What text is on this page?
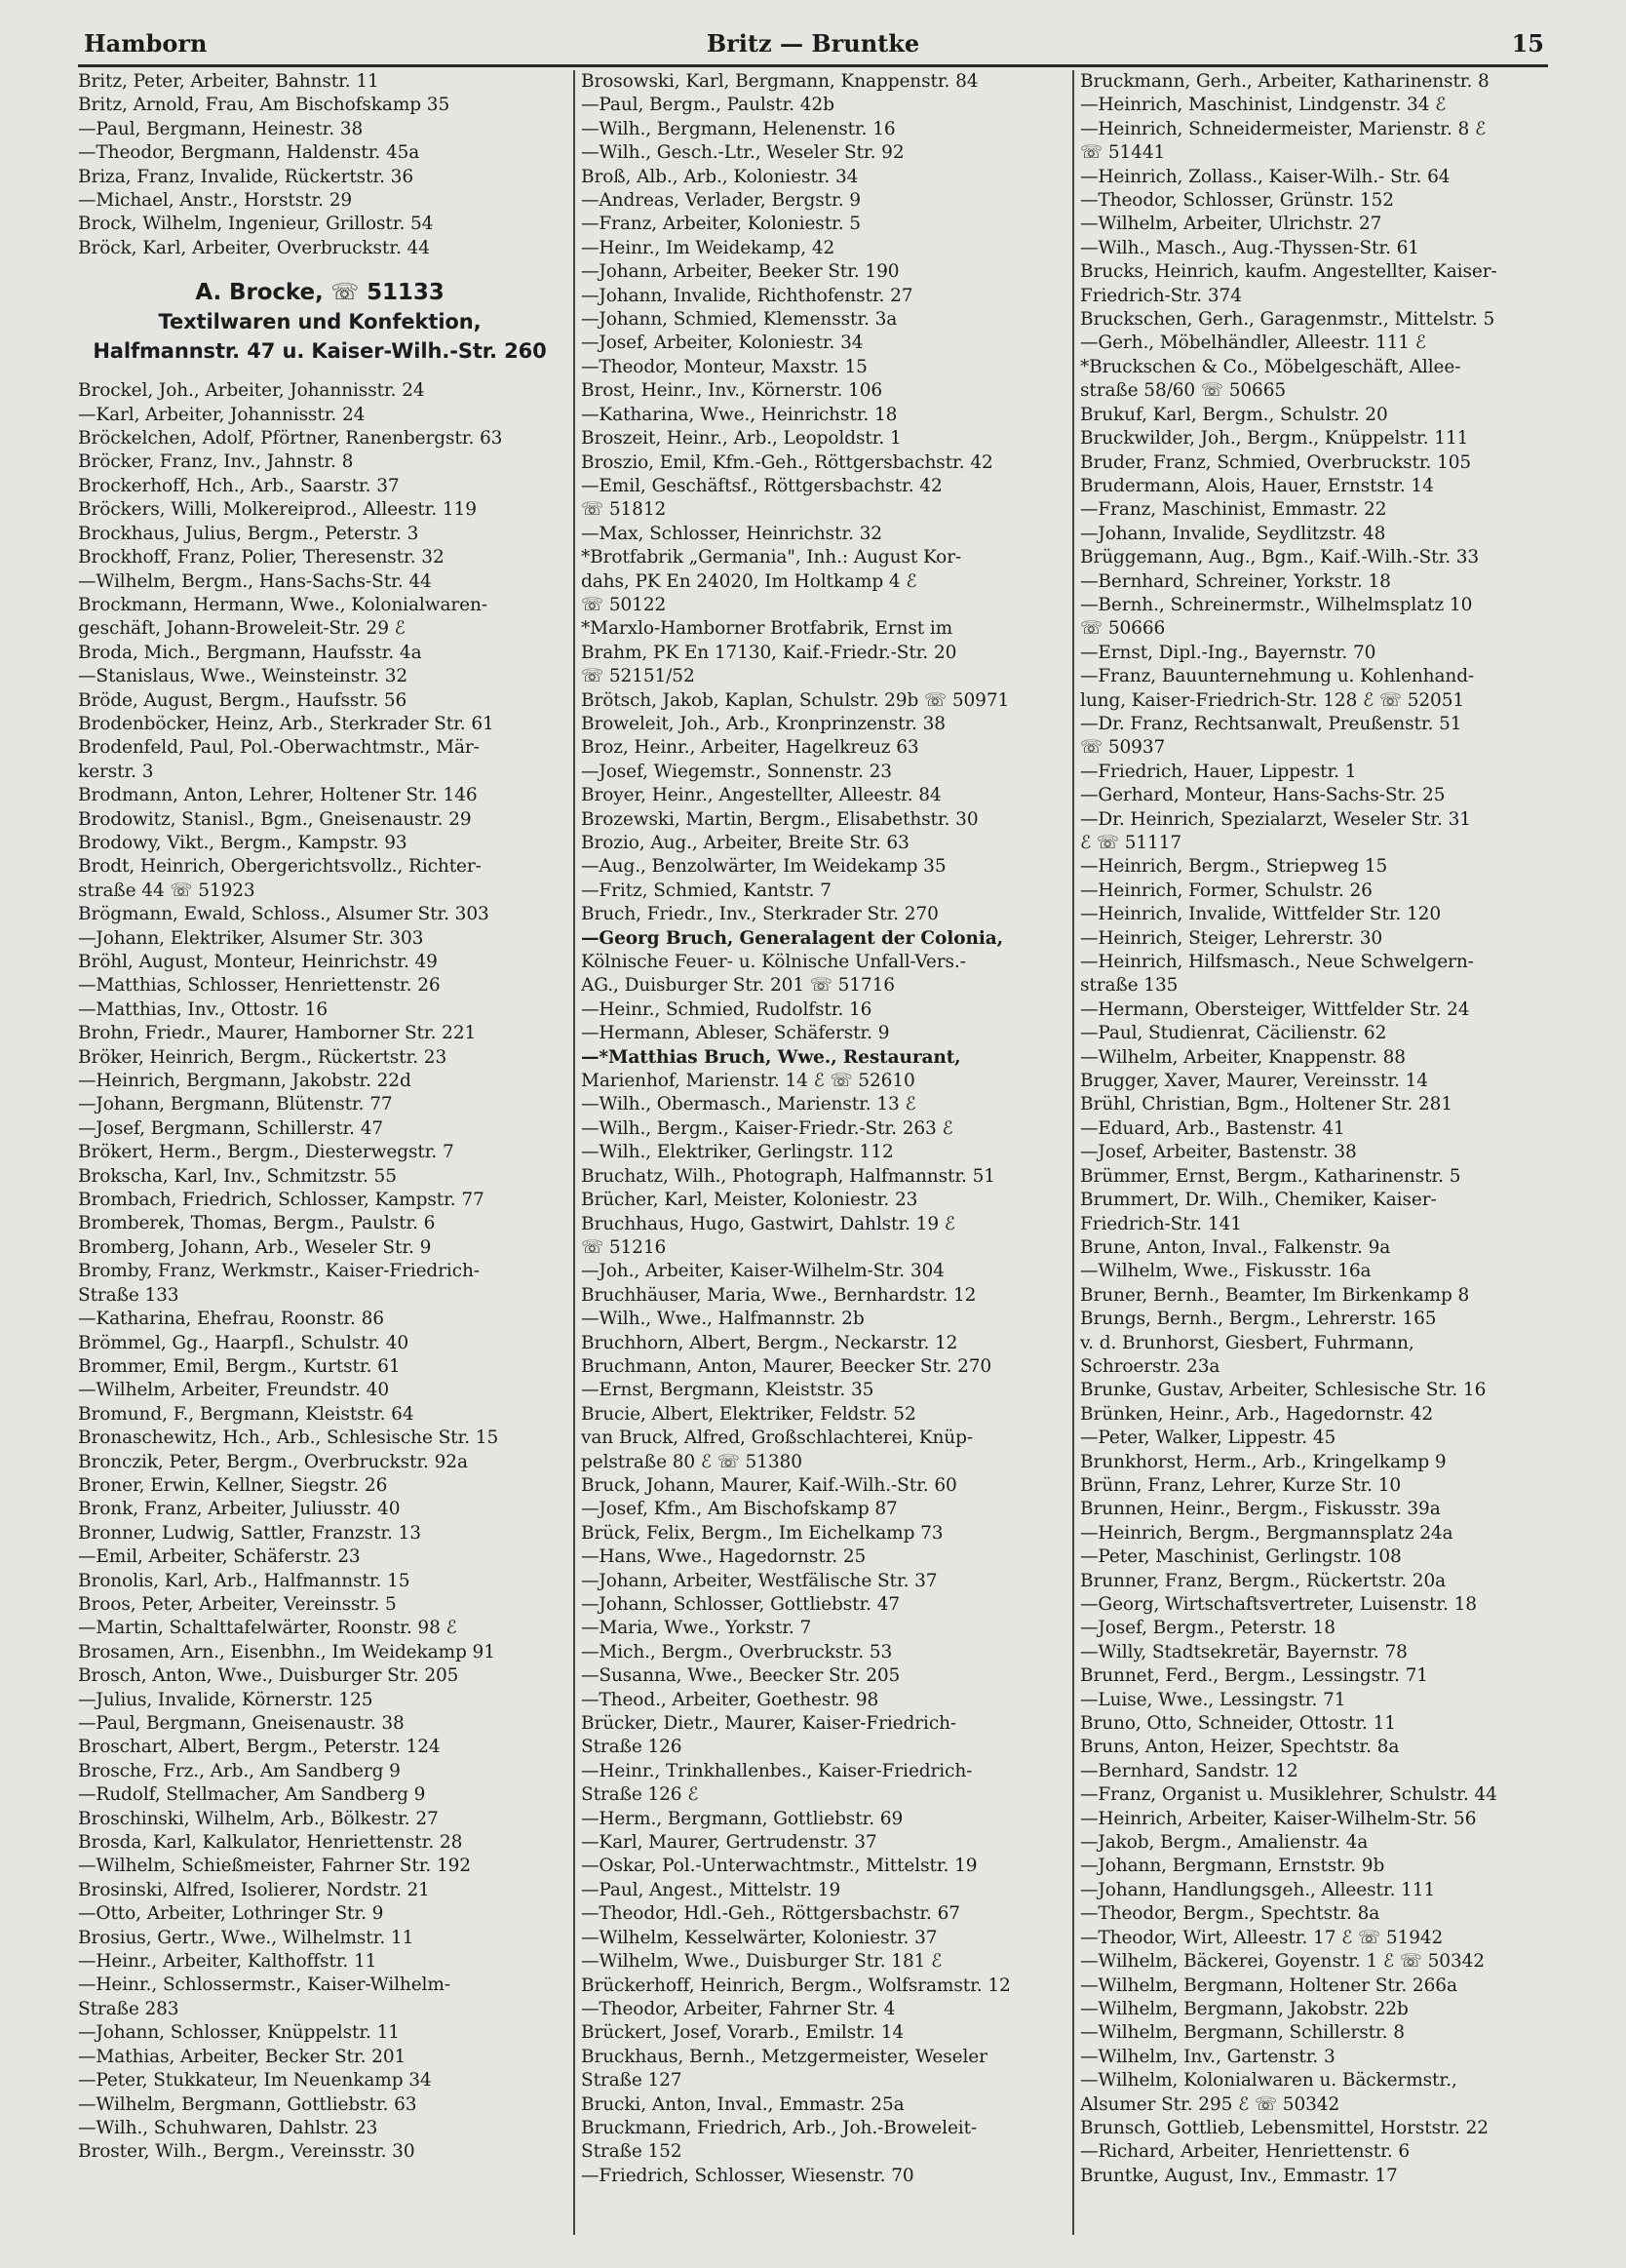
Hamborn	Britz — Bruntke	15
Britz, Peter, Arbeiter, Bahnstr. 11
Britz, Arnold, Frau, Am Bischofskamp 35
—Paul, Bergmann, Heinestr. 38
—Theodor, Bergmann, Haldenstr. 45a
Briza, Franz, Invalide, Rückertstr. 36
—Michael, Anstr., Horststr. 29
Brock, Wilhelm, Ingenieur, Grillostr. 54
Bröck, Karl, Arbeiter, Overbruckstr. 44
A. Brocke, ☏ 51133
Textilwaren und Konfektion,
Halfmannstr. 47 u. Kaiser-Wilh.-Str. 260
Brockel, Joh., Arbeiter, Johannisstr. 24
—Karl, Arbeiter, Johannisstr. 24
Bröckelchen, Adolf, Pförtner, Ranenbergstr. 63
Bröcker, Franz, Inv., Jahnstr. 8
Brockerhoff, Hch., Arb., Saarstr. 37
Bröckers, Willi, Molkereiprod., Alleestr. 119
Brockhaus, Julius, Bergm., Peterstr. 3
Brockhoff, Franz, Polier, Theresenstr. 32
—Wilhelm, Bergm., Hans-Sachs-Str. 44
Brockmann, Hermann, Wwe., Kolonialwaren-
geschäft, Johann-Broweleit-Str. 29 ℰ
Broda, Mich., Bergmann, Haufsstr. 4a
—Stanislaus, Wwe., Weinsteinstr. 32
Bröde, August, Bergm., Haufsstr. 56
Brodenböcker, Heinz, Arb., Sterkrader Str. 61
Brodenfeld, Paul, Pol.-Oberwachtmstr., Mär-
kerstr. 3
Brodmann, Anton, Lehrer, Holtener Str. 146
Brodowitz, Stanisl., Bgm., Gneisenaustr. 29
Brodowy, Vikt., Bergm., Kampstr. 93
Brodt, Heinrich, Obergerichtsvollz., Richter-
straße 44 ☏ 51923
Brögmann, Ewald, Schloss., Alsumer Str. 303
—Johann, Elektriker, Alsumer Str. 303
Bröhl, August, Monteur, Heinrichstr. 49
—Matthias, Schlosser, Henriettenstr. 26
—Matthias, Inv., Ottostr. 16
Brohn, Friedr., Maurer, Hamborner Str. 221
Bröker, Heinrich, Bergm., Rückertstr. 23
—Heinrich, Bergmann, Jakobstr. 22d
—Johann, Bergmann, Blütenstr. 77
—Josef, Bergmann, Schillerstr. 47
Brökert, Herm., Bergm., Diesterwegstr. 7
Brokscha, Karl, Inv., Schmitzstr. 55
Brombach, Friedrich, Schlosser, Kampstr. 77
Bromberek, Thomas, Bergm., Paulstr. 6
Bromberg, Johann, Arb., Weseler Str. 9
Bromby, Franz, Werkmstr., Kaiser-Friedrich-
Straße 133
—Katharina, Ehefrau, Roonstr. 86
Brömmel, Gg., Haarpfl., Schulstr. 40
Brommer, Emil, Bergm., Kurtstr. 61
—Wilhelm, Arbeiter, Freundstr. 40
Bromund, F., Bergmann, Kleiststr. 64
Bronaschewitz, Hch., Arb., Schlesische Str. 15
Bronczik, Peter, Bergm., Overbruckstr. 92a
Broner, Erwin, Kellner, Siegstr. 26
Bronk, Franz, Arbeiter, Juliusstr. 40
Bronner, Ludwig, Sattler, Franzstr. 13
—Emil, Arbeiter, Schäferstr. 23
Bronolis, Karl, Arb., Halfmannstr. 15
Broos, Peter, Arbeiter, Vereinsstr. 5
—Martin, Schalttafelwärter, Roonstr. 98 ℰ
Brosamen, Arn., Eisenbhn., Im Weidekamp 91
Brosch, Anton, Wwe., Duisburger Str. 205
—Julius, Invalide, Körnerstr. 125
—Paul, Bergmann, Gneisenaustr. 38
Broschart, Albert, Bergm., Peterstr. 124
Brosche, Frz., Arb., Am Sandberg 9
—Rudolf, Stellmacher, Am Sandberg 9
Broschinski, Wilhelm, Arb., Bölkestr. 27
Brosda, Karl, Kalkulator, Henriettenstr. 28
—Wilhelm, Schießmeister, Fahrner Str. 192
Brosinski, Alfred, Isolierer, Nordstr. 21
—Otto, Arbeiter, Lothringer Str. 9
Brosius, Gertr., Wwe., Wilhelmstr. 11
—Heinr., Arbeiter, Kalthoffstr. 11
—Heinr., Schlossermstr., Kaiser-Wilhelm-
Straße 283
—Johann, Schlosser, Knüppelstr. 11
—Mathias, Arbeiter, Becker Str. 201
—Peter, Stukkateur, Im Neuenkamp 34
—Wilhelm, Bergmann, Gottliebstr. 63
—Wilh., Schuhwaren, Dahlstr. 23
Broster, Wilh., Bergm., Vereinsstr. 30
Brosowski, Karl, Bergmann, Knappenstr. 84
—Paul, Bergm., Paulstr. 42b
—Wilh., Bergmann, Helenenstr. 16
—Wilh., Gesch.-Ltr., Weseler Str. 92
Broß, Alb., Arb., Koloniestr. 34
—Andreas, Verlader, Bergstr. 9
—Franz, Arbeiter, Koloniestr. 5
—Heinr., Im Weidekamp, 42
—Johann, Arbeiter, Beeker Str. 190
—Johann, Invalide, Richthofenstr. 27
—Johann, Schmied, Klemensstr. 3a
—Josef, Arbeiter, Koloniestr. 34
—Theodor, Monteur, Maxstr. 15
Brost, Heinr., Inv., Körnerstr. 106
—Katharina, Wwe., Heinrichstr. 18
Broszeit, Heinr., Arb., Leopoldstr. 1
Broszio, Emil, Kfm.-Geh., Röttgersbachstr. 42
—Emil, Geschäftsf., Röttgersbachstr. 42
☏ 51812
—Max, Schlosser, Heinrichstr. 32
*Brotfabrik „Germania", Inh.: August Kor-
dahs, PK En 24020, Im Holtkamp 4 ℰ
☏ 50122
*Marxlo-Hamborner Brotfabrik, Ernst im
Brahm, PK En 17130, Kaif.-Friedr.-Str. 20
☏ 52151/52
Brötsch, Jakob, Kaplan, Schulstr. 29b ☏ 50971
Broweleit, Joh., Arb., Kronprinzenstr. 38
Broz, Heinr., Arbeiter, Hagelkreuz 63
—Josef, Wiegemstr., Sonnenstr. 23
Broyer, Heinr., Angestellter, Alleestr. 84
Brozewski, Martin, Bergm., Elisabethstr. 30
Brozio, Aug., Arbeiter, Breite Str. 63
—Aug., Benzolwärter, Im Weidekamp 35
—Fritz, Schmied, Kantstr. 7
Bruch, Friedr., Inv., Sterkrader Str. 270
—Georg Bruch, Generalagent der Colonia,
Kölnische Feuer- u. Kölnische Unfall-Vers.-
AG., Duisburger Str. 201 ☏ 51716
—Heinr., Schmied, Rudolfstr. 16
—Hermann, Ableser, Schäferstr. 9
—*Matthias Bruch, Wwe., Restaurant,
Marienhof, Marienstr. 14 ℰ ☏ 52610
—Wilh., Obermasch., Marienstr. 13 ℰ
—Wilh., Bergm., Kaiser-Friedr.-Str. 263 ℰ
—Wilh., Elektriker, Gerlingstr. 112
Bruchatz, Wilh., Photograph, Halfmannstr. 51
Brücher, Karl, Meister, Koloniestr. 23
Bruchhaus, Hugo, Gastwirt, Dahlstr. 19 ℰ
☏ 51216
—Joh., Arbeiter, Kaiser-Wilhelm-Str. 304
Bruchhäuser, Maria, Wwe., Bernhardstr. 12
—Wilh., Wwe., Halfmannstr. 2b
Bruchhorn, Albert, Bergm., Neckarstr. 12
Bruchmann, Anton, Maurer, Beecker Str. 270
—Ernst, Bergmann, Kleiststr. 35
Brucie, Albert, Elektriker, Feldstr. 52
van Bruck, Alfred, Großschlachterei, Knüp-
pelstraße 80 ℰ ☏ 51380
Bruck, Johann, Maurer, Kaif.-Wilh.-Str. 60
—Josef, Kfm., Am Bischofskamp 87
Brück, Felix, Bergm., Im Eichelkamp 73
—Hans, Wwe., Hagedornstr. 25
—Johann, Arbeiter, Westfälische Str. 37
—Johann, Schlosser, Gottliebstr. 47
—Maria, Wwe., Yorkstr. 7
—Mich., Bergm., Overbruckstr. 53
—Susanna, Wwe., Beecker Str. 205
—Theod., Arbeiter, Goethestr. 98
Brücker, Dietr., Maurer, Kaiser-Friedrich-
Straße 126
—Heinr., Trinkhallenbes., Kaiser-Friedrich-
Straße 126 ℰ
—Herm., Bergmann, Gottliebstr. 69
—Karl, Maurer, Gertrudenstr. 37
—Oskar, Pol.-Unterwachtmstr., Mittelstr. 19
—Paul, Angest., Mittelstr. 19
—Theodor, Hdl.-Geh., Röttgersbachstr. 67
—Wilhelm, Kesselwärter, Koloniestr. 37
—Wilhelm, Wwe., Duisburger Str. 181 ℰ
Brückerhoff, Heinrich, Bergm., Wolfsramstr. 12
—Theodor, Arbeiter, Fahrner Str. 4
Brückert, Josef, Vorarb., Emilstr. 14
Bruckhaus, Bernh., Metzgermeister, Weseler
Straße 127
Brucki, Anton, Inval., Emmastr. 25a
Bruckmann, Friedrich, Arb., Joh.-Broweleit-
Straße 152
—Friedrich, Schlosser, Wiesenstr. 70
Bruckmann, Gerh., Arbeiter, Katharinenstr. 8
—Heinrich, Maschinist, Lindgenstr. 34 ℰ
—Heinrich, Schneidermeister, Marienstr. 8 ℰ
☏ 51441
—Heinrich, Zollass., Kaiser-Wilh.- Str. 64
—Theodor, Schlosser, Grünstr. 152
—Wilhelm, Arbeiter, Ulrichstr. 27
—Wilh., Masch., Aug.-Thyssen-Str. 61
Brucks, Heinrich, kaufm. Angestellter, Kaiser-
Friedrich-Str. 374
Bruckschen, Gerh., Garagenmstr., Mittelstr. 5
—Gerh., Möbelhändler, Alleestr. 111 ℰ
*Bruckschen & Co., Möbelgeschäft, Allee-
straße 58/60 ☏ 50665
Brukuf, Karl, Bergm., Schulstr. 20
Bruckwilder, Joh., Bergm., Knüppelstr. 111
Bruder, Franz, Schmied, Overbruckstr. 105
Brudermann, Alois, Hauer, Ernststr. 14
—Franz, Maschinist, Emmastr. 22
—Johann, Invalide, Seydlitzstr. 48
Brüggemann, Aug., Bgm., Kaif.-Wilh.-Str. 33
—Bernhard, Schreiner, Yorkstr. 18
—Bernh., Schreinermstr., Wilhelmsplatz 10
☏ 50666
—Ernst, Dipl.-Ing., Bayernstr. 70
—Franz, Bauunternehmung u. Kohlenhand-
lung, Kaiser-Friedrich-Str. 128 ℰ ☏ 52051
—Dr. Franz, Rechtsanwalt, Preußenstr. 51
☏ 50937
—Friedrich, Hauer, Lippestr. 1
—Gerhard, Monteur, Hans-Sachs-Str. 25
—Dr. Heinrich, Spezialarzt, Weseler Str. 31
ℰ ☏ 51117
—Heinrich, Bergm., Striepweg 15
—Heinrich, Former, Schulstr. 26
—Heinrich, Invalide, Wittfelder Str. 120
—Heinrich, Steiger, Lehrerstr. 30
—Heinrich, Hilfsmasch., Neue Schwelgern-
straße 135
—Hermann, Obersteiger, Wittfelder Str. 24
—Paul, Studienrat, Cäcilienstr. 62
—Wilhelm, Arbeiter, Knappenstr. 88
Brugger, Xaver, Maurer, Vereinsstr. 14
Brühl, Christian, Bgm., Holtener Str. 281
—Eduard, Arb., Bastenstr. 41
—Josef, Arbeiter, Bastenstr. 38
Brümmer, Ernst, Bergm., Katharinenstr. 5
Brummert, Dr. Wilh., Chemiker, Kaiser-
Friedrich-Str. 141
Brune, Anton, Inval., Falkenstr. 9a
—Wilhelm, Wwe., Fiskusstr. 16a
Bruner, Bernh., Beamter, Im Birkenkamp 8
Brungs, Bernh., Bergm., Lehrerstr. 165
v. d. Brunhorst, Giesbert, Fuhrmann,
Schroerstr. 23a
Brunke, Gustav, Arbeiter, Schlesische Str. 16
Brünken, Heinr., Arb., Hagedornstr. 42
—Peter, Walker, Lippestr. 45
Brunkhorst, Herm., Arb., Kringelkamp 9
Brünn, Franz, Lehrer, Kurze Str. 10
Brunnen, Heinr., Bergm., Fiskusstr. 39a
—Heinrich, Bergm., Bergmannsplatz 24a
—Peter, Maschinist, Gerlingstr. 108
Brunner, Franz, Bergm., Rückertstr. 20a
—Georg, Wirtschaftsvertreter, Luisenstr. 18
—Josef, Bergm., Peterstr. 18
—Willy, Stadtsekretär, Bayernstr. 78
Brunnet, Ferd., Bergm., Lessingstr. 71
—Luise, Wwe., Lessingstr. 71
Bruno, Otto, Schneider, Ottostr. 11
Bruns, Anton, Heizer, Spechtstr. 8a
—Bernhard, Sandstr. 12
—Franz, Organist u. Musiklehrer, Schulstr. 44
—Heinrich, Arbeiter, Kaiser-Wilhelm-Str. 56
—Jakob, Bergm., Amalienstr. 4a
—Johann, Bergmann, Ernststr. 9b
—Johann, Handlungsgeh., Alleestr. 111
—Theodor, Bergm., Spechtstr. 8a
—Theodor, Wirt, Alleestr. 17 ℰ ☏ 51942
—Wilhelm, Bäckerei, Goyenstr. 1 ℰ ☏ 50342
—Wilhelm, Bergmann, Holtener Str. 266a
—Wilhelm, Bergmann, Jakobstr. 22b
—Wilhelm, Bergmann, Schillerstr. 8
—Wilhelm, Inv., Gartenstr. 3
—Wilhelm, Kolonialwaren u. Bäckermstr.,
Alsumer Str. 295 ℰ ☏ 50342
Brunsch, Gottlieb, Lebensmittel, Horststr. 22
—Richard, Arbeiter, Henriettenstr. 6
Bruntke, August, Inv., Emmastr. 17
